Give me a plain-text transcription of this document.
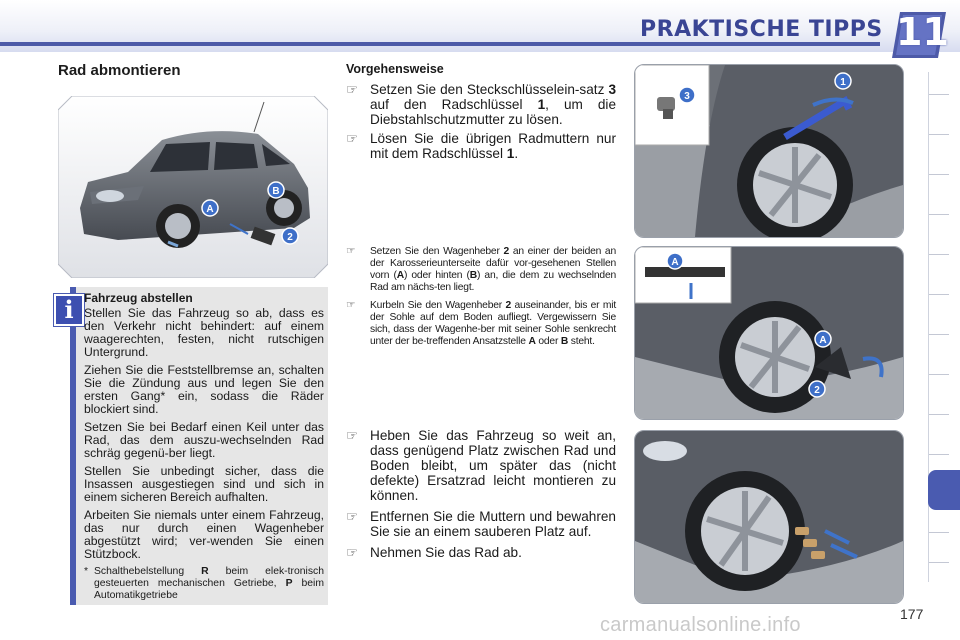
PRAKTISCHE TIPPS 11
Rad abmontieren
A
B
2
i Fahrzeug abstellen

Stellen Sie das Fahrzeug so ab, dass es den Verkehr nicht behindert: auf einem waagerechten, festen, nicht rutschigen Untergrund.

Ziehen Sie die Feststellbremse an, schalten Sie die Zündung aus und legen Sie den ersten Gang* ein, sodass die Räder blockiert sind.

Setzen Sie bei Bedarf einen Keil unter das Rad, das dem auszu-wechselnden Rad schräg gegenü-ber liegt.

Stellen Sie unbedingt sicher, dass die Insassen ausgestiegen sind und sich in einem sicheren Bereich aufhalten.

Arbeiten Sie niemals unter einem Fahrzeug, das nur durch einen Wagenheber abgestützt wird; ver-wenden Sie einen Stützbock.

* Schalthebelstellung R beim elek-tronisch gesteuerten mechanischen Getriebe, P beim Automatikgetriebe
Vorgehensweise
☞ Setzen Sie den Steckschlüsselein-satz 3 auf den Radschlüssel 1, um die Diebstahlschutzmutter zu lösen.
☞ Lösen Sie die übrigen Radmuttern nur mit dem Radschlüssel 1.
☞	Setzen Sie den Wagenheber 2 an einer der beiden an der Karosserieunterseite dafür vor-gesehenen Stellen vorn (A) oder hinten (B) an, die dem zu wechselnden Rad am nächs-ten liegt.
☞	Kurbeln Sie den Wagenheber 2 auseinander, bis er mit der Sohle auf dem Boden aufliegt. Vergewissern Sie sich, dass der Wagenhe-ber mit seiner Sohle senkrecht unter der be-treffenden Ansatzstelle A oder B steht.
☞ Heben Sie das Fahrzeug so weit an, dass genügend Platz zwischen Rad und Boden bleibt, um später das (nicht defekte) Ersatzrad leicht montieren zu können.
☞ Entfernen Sie die Muttern und bewahren Sie sie an einem sauberen Platz auf.
☞ Nehmen Sie das Rad ab.
1
3
A
A
2
177
carmanualsonline.info
